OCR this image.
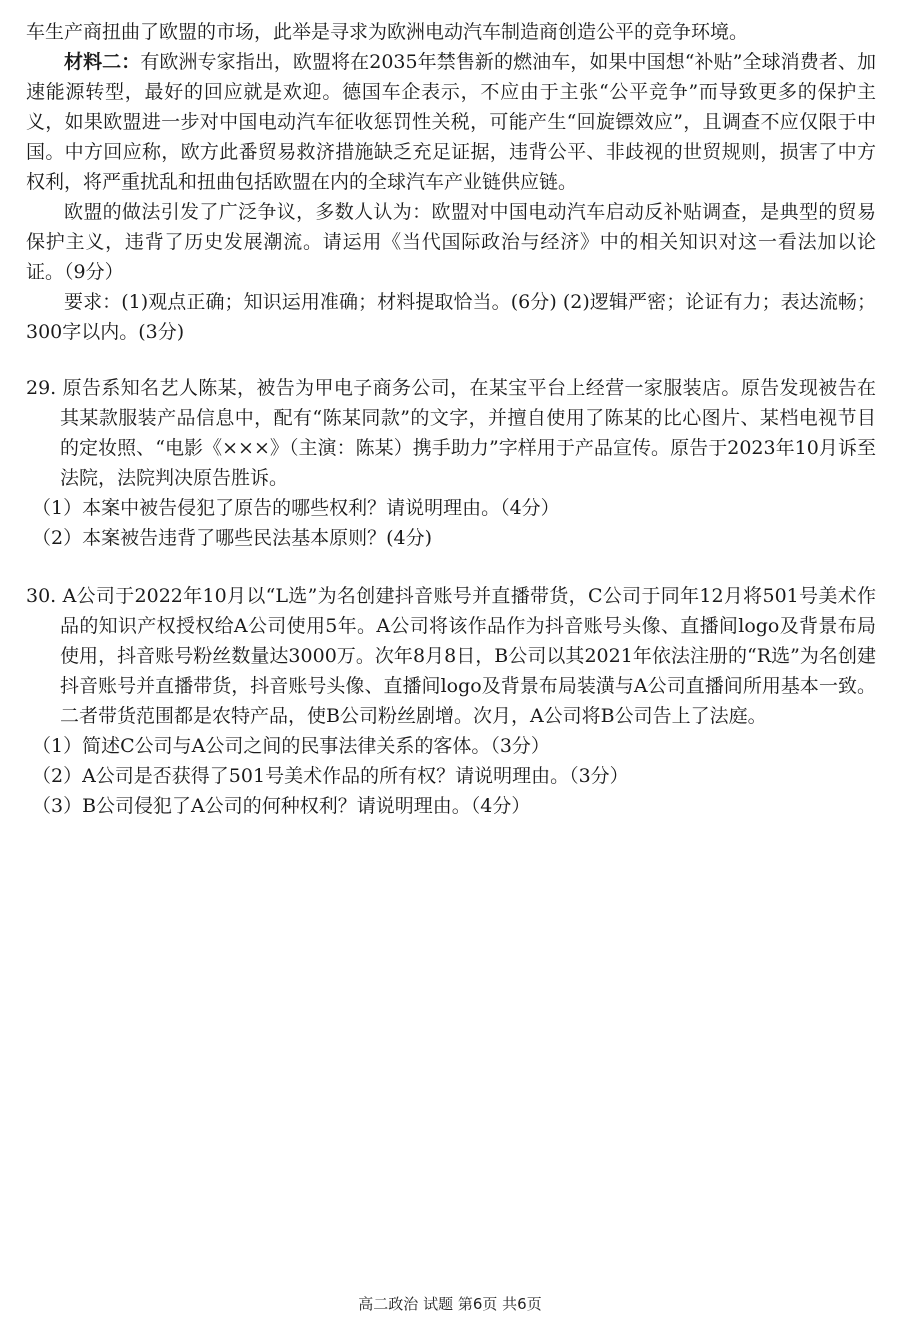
车生产商扭曲了欧盟的市场，此举是寻求为欧洲电动汽车制造商创造公平的竞争环境。

材料二：有欧洲专家指出，欧盟将在2035年禁售新的燃油车，如果中国想“补贴”全球消费者、加速能源转型，最好的回应就是欢迎。德国车企表示，不应由于主张“公平竞争”而导致更多的保护主义，如果欧盟进一步对中国电动汽车征收惩罚性关税，可能产生“回旋镖效应”，且调查不应仅限于中国。中方回应称，欧方此番贸易救济措施缺乏充足证据，违背公平、非歧视的世贸规则，损害了中方权利，将严重扰乱和扭曲包括欧盟在内的全球汽车产业链供应链。

欧盟的做法引发了广泛争议，多数人认为：欧盟对中国电动汽车启动反补贴调查，是典型的贸易保护主义，违背了历史发展潮流。请运用《当代国际政治与经济》中的相关知识对这一看法加以论证。（9分）

要求：(1)观点正确；知识运用准确；材料提取恰当。(6分) (2)逻辑严密；论证有力；表达流畅；300字以内。(3分)

29. 原告系知名艺人陈某，被告为甲电子商务公司，在某宝平台上经营一家服装店。原告发现被告在其某款服装产品信息中，配有“陈某同款”的文字，并擅自使用了陈某的比心图片、某档电视节目的定妆照、“电影《×××》（主演：陈某）携手助力”字样用于产品宣传。原告于2023年10月诉至法院，法院判决原告胜诉。

（1）本案中被告侵犯了原告的哪些权利？请说明理由。（4分）

（2）本案被告违背了哪些民法基本原则？(4分)

30. A公司于2022年10月以“L选”为名创建抖音账号并直播带货，C公司于同年12月将501号美术作品的知识产权授权给A公司使用5年。A公司将该作品作为抖音账号头像、直播间logo及背景布局使用，抖音账号粉丝数量达3000万。次年8月8日，B公司以其2021年依法注册的“R选”为名创建抖音账号并直播带货，抖音账号头像、直播间logo及背景布局装潢与A公司直播间所用基本一致。二者带货范围都是农特产品，使B公司粉丝剧增。次月，A公司将B公司告上了法庭。

（1）简述C公司与A公司之间的民事法律关系的客体。（3分）

（2）A公司是否获得了501号美术作品的所有权？请说明理由。（3分）

（3）B公司侵犯了A公司的何种权利？请说明理由。（4分）

高二政治 试题 第6页 共6页
